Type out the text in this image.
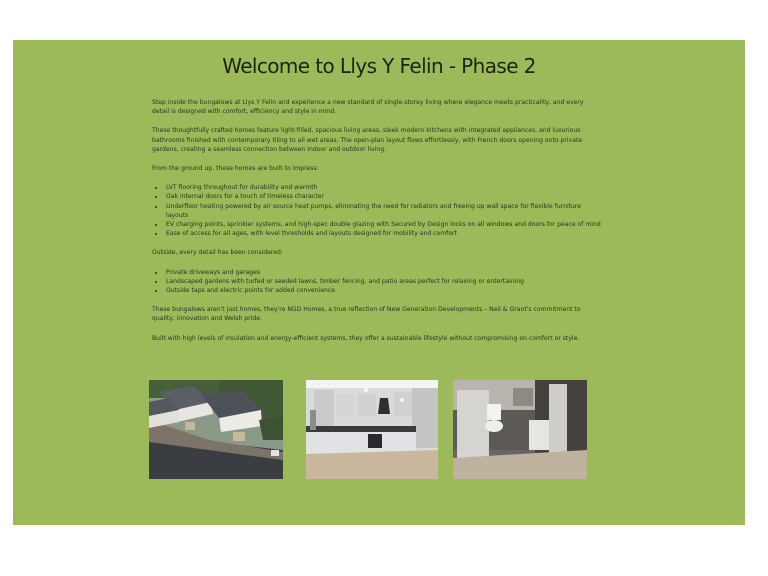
Welcome to Llys Y Felin - Phase 2

Step inside the bungalows at Llys Y Felin and experience a new standard of single-storey living where elegance meets practicality, and every detail is designed with comfort, efficiency and style in mind.

These thoughtfully crafted homes feature light-filled, spacious living areas, sleek modern kitchens with integrated appliances, and luxurious bathrooms finished with contemporary tiling to all wet areas. The open-plan layout flows effortlessly, with French doors opening onto private gardens, creating a seamless connection between indoor and outdoor living.

From the ground up, these homes are built to impress:

• LVT flooring throughout for durability and warmth
• Oak internal doors for a touch of timeless character
• Underfloor heating powered by air source heat pumps, eliminating the need for radiators and freeing up wall space for flexible furniture layouts
• EV charging points, sprinkler systems, and high-spec double glazing with Secured by Design locks on all windows and doors for peace of mind
• Ease of access for all ages, with level thresholds and layouts designed for mobility and comfort

Outside, every detail has been considered:

• Private driveways and garages
• Landscaped gardens with turfed or seeded lawns, timber fencing, and patio areas perfect for relaxing or entertaining
• Outside taps and electric points for added convenience

These bungalows aren't just homes, they're NGD Homes, a true reflection of New Generation Developments – Neil & Grant's commitment to quality, innovation and Welsh pride.

Built with high levels of insulation and energy-efficient systems, they offer a sustainable lifestyle without compromising on comfort or style.
